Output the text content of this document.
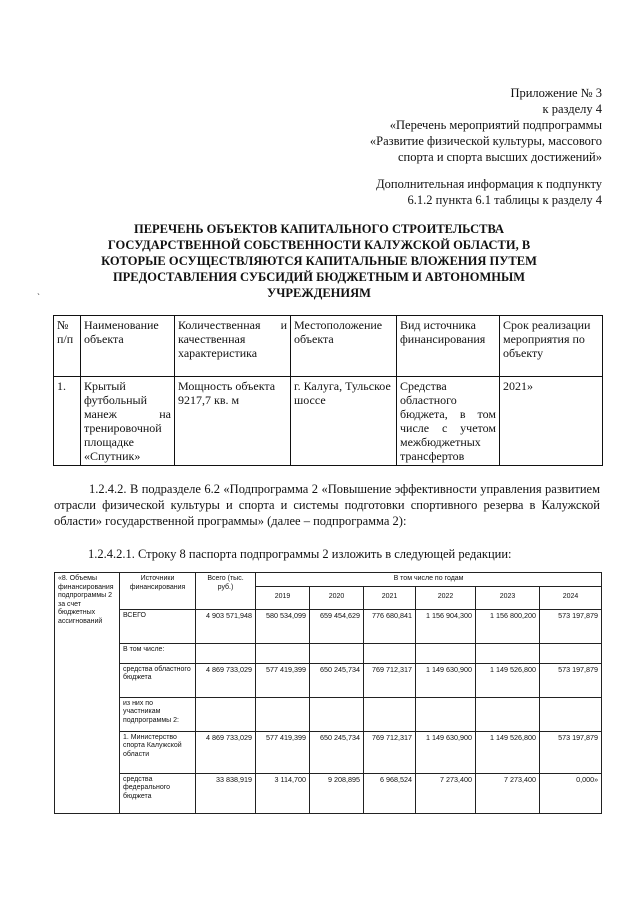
Приложение № 3
к разделу 4
«Перечень мероприятий подпрограммы
«Развитие физической культуры, массового
спорта и спорта высших достижений»
Дополнительная информация к подпункту
6.1.2 пункта 6.1 таблицы к разделу 4
ПЕРЕЧЕНЬ ОБЪЕКТОВ КАПИТАЛЬНОГО СТРОИТЕЛЬСТВА
ГОСУДАРСТВЕННОЙ СОБСТВЕННОСТИ КАЛУЖСКОЙ ОБЛАСТИ, В
КОТОРЫЕ ОСУЩЕСТВЛЯЮТСЯ КАПИТАЛЬНЫЕ ВЛОЖЕНИЯ ПУТЕМ
ПРЕДОСТАВЛЕНИЯ СУБСИДИЙ БЮДЖЕТНЫМ И АВТОНОМНЫМ
УЧРЕЖДЕНИЯМ
`
№ п/п	Наименование объекта	Количественная и качественная характеристика	Местоположение объекта	Вид источника финансирования	Срок реализации мероприятия по объекту
1.	Крытый футбольный манеж на тренировочной площадке «Спутник»	Мощность объекта 9217,7 кв. м	г. Калуга, Тульское шоссе	Средства областного бюджета, в том числе с учетом межбюджетных трансфертов	2021»
1.2.4.2. В подразделе 6.2 «Подпрограмма 2 «Повышение эффективности управления развитием отрасли физической культуры и спорта и системы подготовки спортивного резерва в Калужской области» государственной программы» (далее – подпрограмма 2):
1.2.4.2.1. Строку 8 паспорта подпрограммы 2 изложить в следующей редакции:
«8. Объемы финансирования подпрограммы 2 за счет бюджетных ассигнований	Источники финансирования	Всего (тыс. руб.)	В том числе по годам					
			2019	2020	2021	2022	2023	2024
	ВСЕГО	4 903 571,948	580 534,099	659 454,629	776 680,841	1 156 904,300	1 156 800,200	573 197,879
	В том числе:							
	средства областного бюджета	4 869 733,029	577 419,399	650 245,734	769 712,317	1 149 630,900	1 149 526,800	573 197,879
	из них по участникам подпрограммы 2:							
	1. Министерство спорта Калужской области	4 869 733,029	577 419,399	650 245,734	769 712,317	1 149 630,900	1 149 526,800	573 197,879
	средства федерального бюджета	33 838,919	3 114,700	9 208,895	6 968,524	7 273,400	7 273,400	0,000»
